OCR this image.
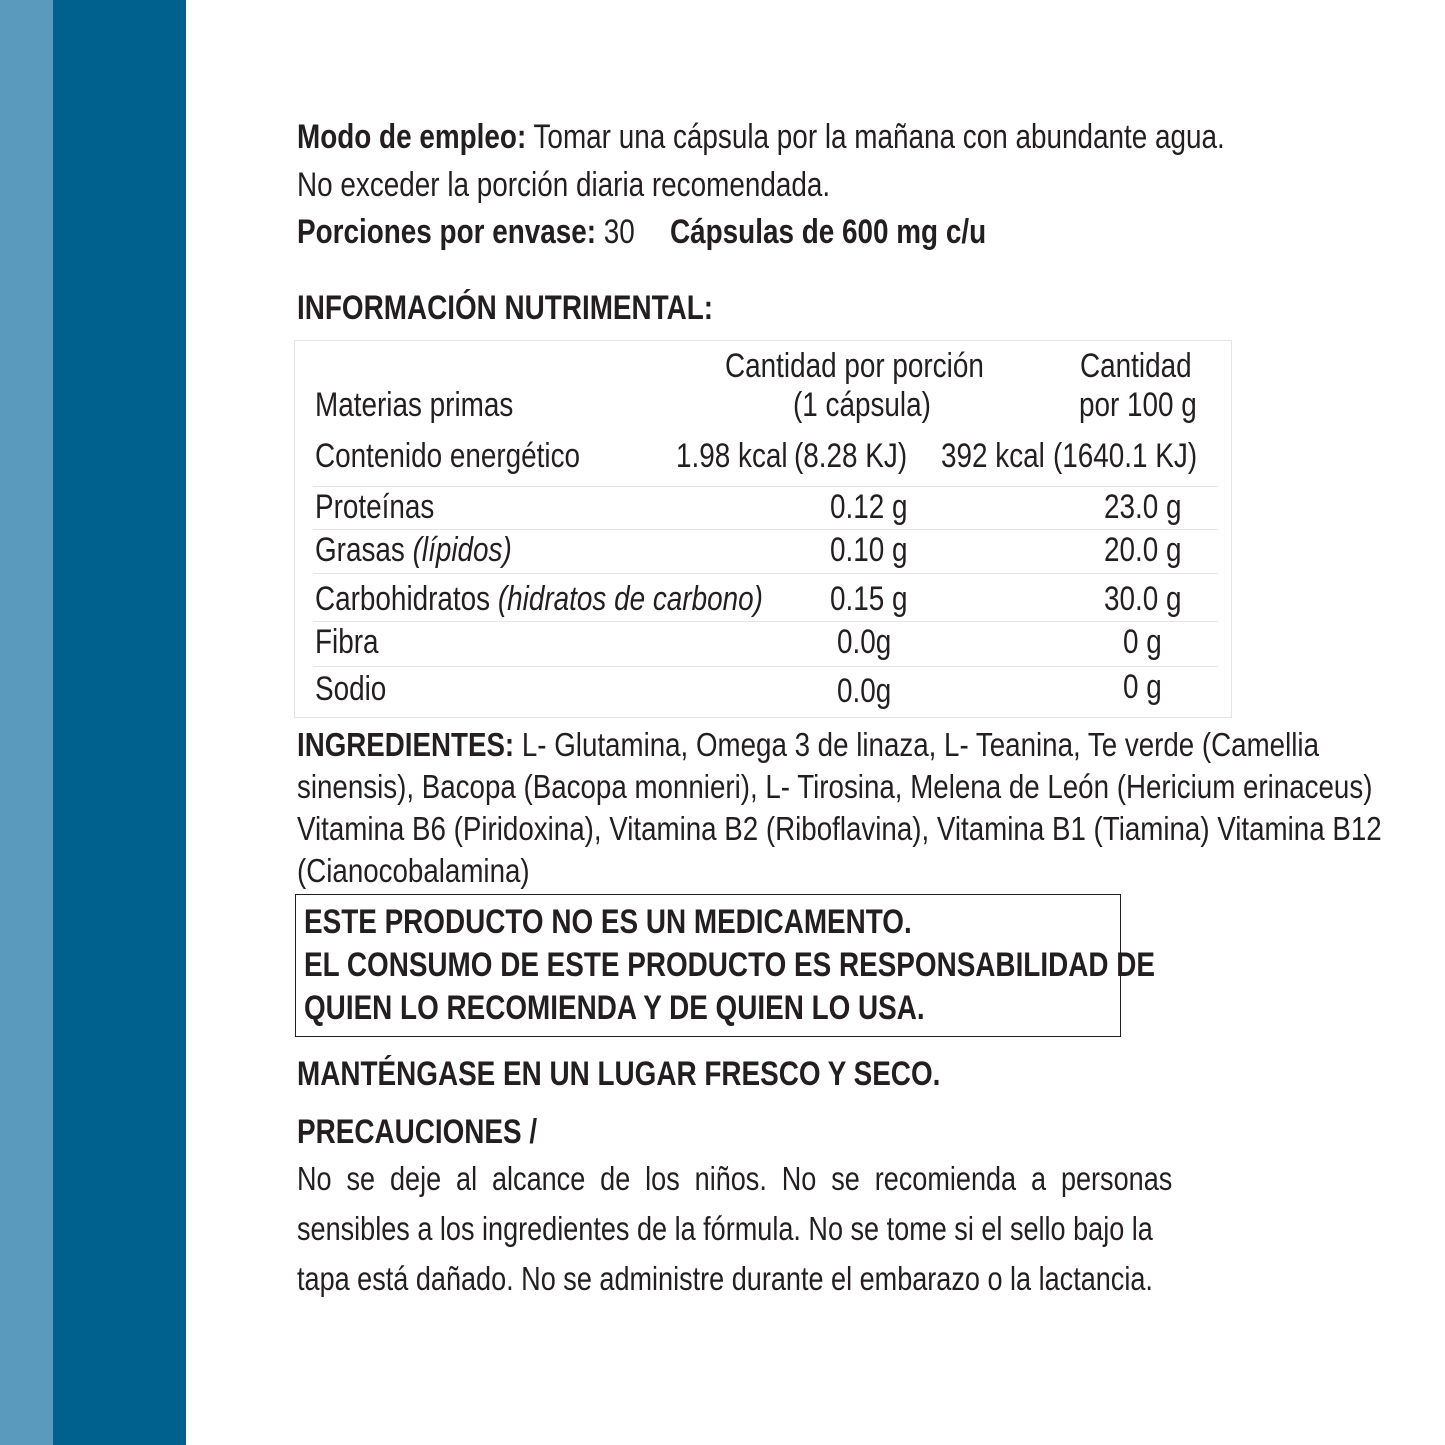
Modo de empleo: Tomar una cápsula por la mañana con abundante agua.
No exceder la porción diaria recomendada.
Porciones por envase: 30	Cápsulas de 600 mg c/u
INFORMACIÓN NUTRIMENTAL:
Cantidad por porción	Cantidad
Materias primas	(1 cápsula)	por 100 g
Contenido energético	1.98 kcal (8.28 KJ) 392 kcal (1640.1 KJ)
Proteínas	0.12 g	23.0 g
Grasas (lípidos)	0.10 g	20.0 g
Carbohidratos (hidratos de carbono)	0.15 g	30.0 g
Fibra	0.0g	0 g
Sodio	0.0g	0 g
INGREDIENTES: L- Glutamina, Omega 3 de linaza, L- Teanina, Te verde (Camellia
sinensis), Bacopa (Bacopa monnieri), L- Tirosina, Melena de León (Hericium erinaceus)
Vitamina B6 (Piridoxina), Vitamina B2 (Riboflavina), Vitamina B1 (Tiamina) Vitamina B12
(Cianocobalamina)
ESTE PRODUCTO NO ES UN MEDICAMENTO.
EL CONSUMO DE ESTE PRODUCTO ES RESPONSABILIDAD DE
QUIEN LO RECOMIENDA Y DE QUIEN LO USA.
MANTÉNGASE EN UN LUGAR FRESCO Y SECO.
PRECAUCIONES /
No se deje al alcance de los niños. No se recomienda a personas
sensibles a los ingredientes de la fórmula. No se tome si el sello bajo la
tapa está dañado. No se administre durante el embarazo o la lactancia.
